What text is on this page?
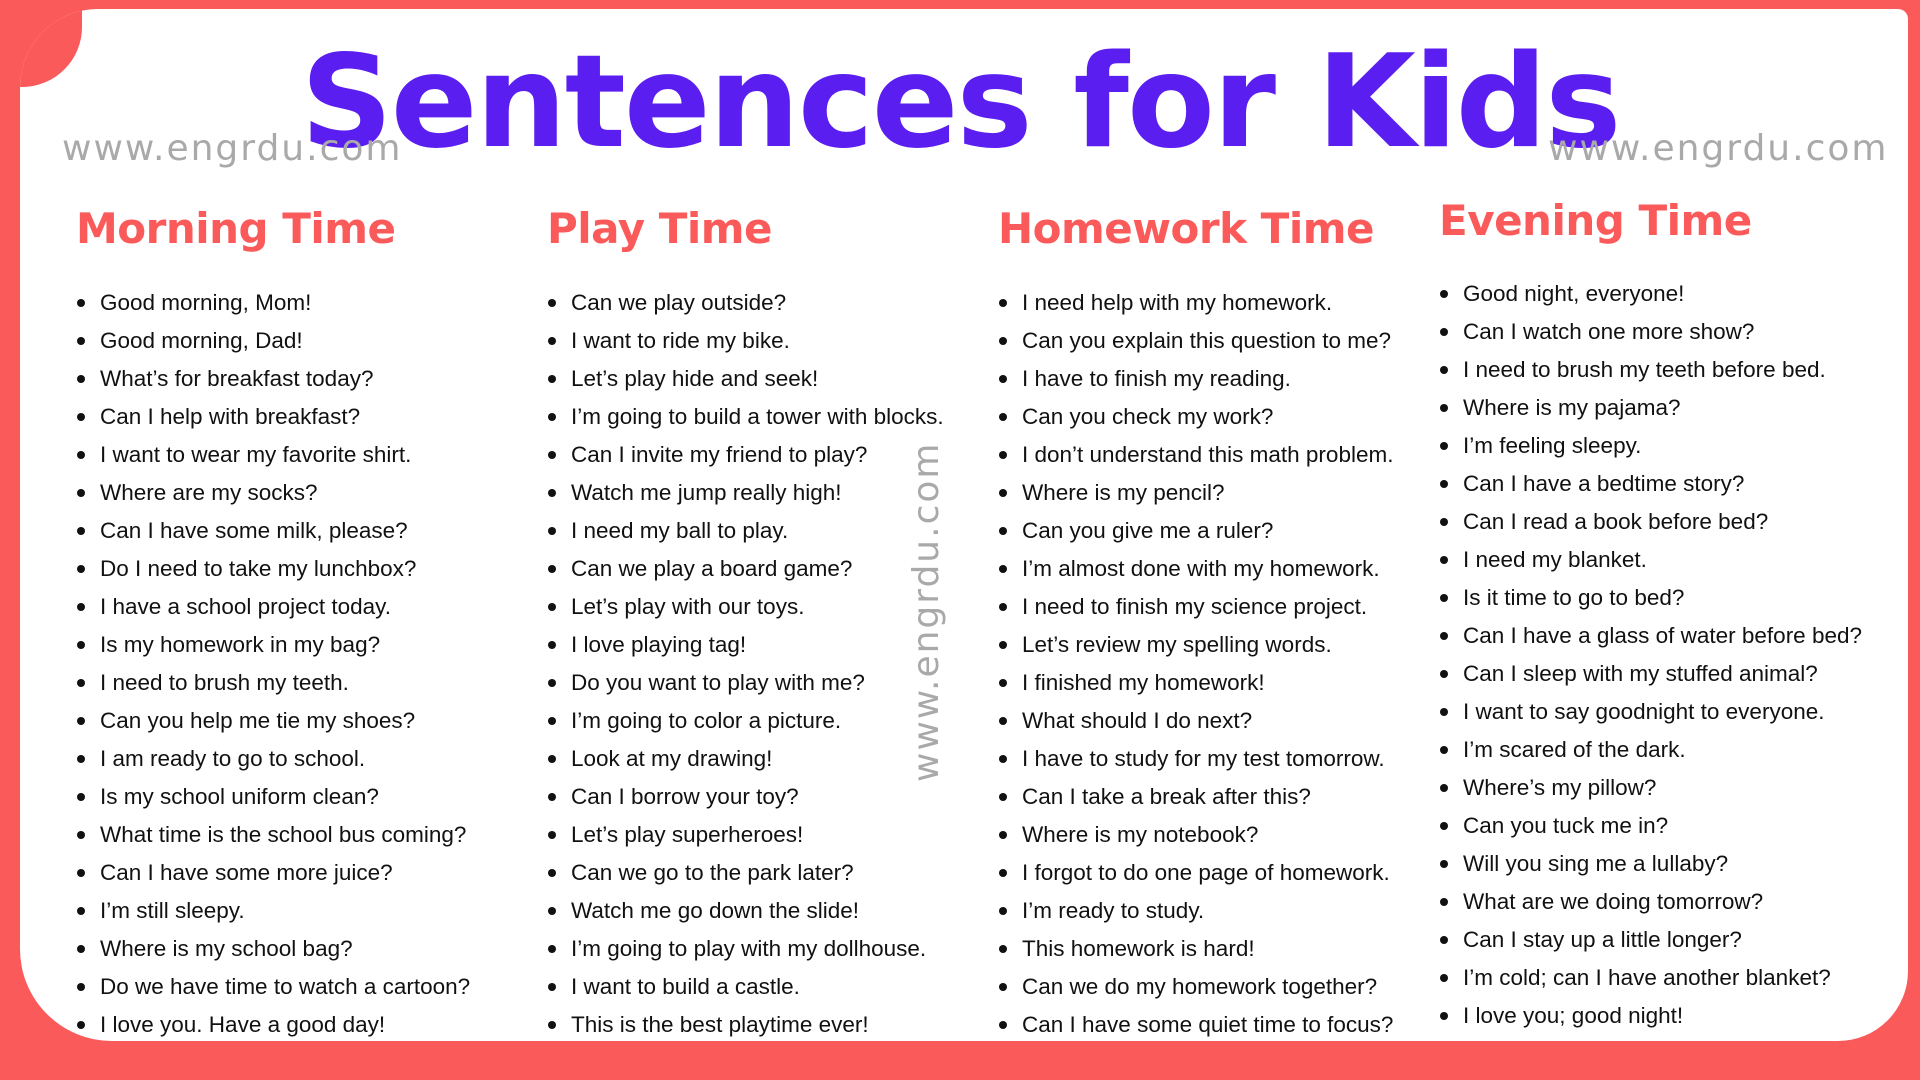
Sentences for Kids
www.engrdu.com	www.engrdu.com
www.engrdu.com
Morning Time
Good morning, Mom!
Good morning, Dad!
What’s for breakfast today?
Can I help with breakfast?
I want to wear my favorite shirt.
Where are my socks?
Can I have some milk, please?
Do I need to take my lunchbox?
I have a school project today.
Is my homework in my bag?
I need to brush my teeth.
Can you help me tie my shoes?
I am ready to go to school.
Is my school uniform clean?
What time is the school bus coming?
Can I have some more juice?
I’m still sleepy.
Where is my school bag?
Do we have time to watch a cartoon?
I love you. Have a good day!
Play Time
Can we play outside?
I want to ride my bike.
Let’s play hide and seek!
I’m going to build a tower with blocks.
Can I invite my friend to play?
Watch me jump really high!
I need my ball to play.
Can we play a board game?
Let’s play with our toys.
I love playing tag!
Do you want to play with me?
I’m going to color a picture.
Look at my drawing!
Can I borrow your toy?
Let’s play superheroes!
Can we go to the park later?
Watch me go down the slide!
I’m going to play with my dollhouse.
I want to build a castle.
This is the best playtime ever!
Homework Time
I need help with my homework.
Can you explain this question to me?
I have to finish my reading.
Can you check my work?
I don’t understand this math problem.
Where is my pencil?
Can you give me a ruler?
I’m almost done with my homework.
I need to finish my science project.
Let’s review my spelling words.
I finished my homework!
What should I do next?
I have to study for my test tomorrow.
Can I take a break after this?
Where is my notebook?
I forgot to do one page of homework.
I’m ready to study.
This homework is hard!
Can we do my homework together?
Can I have some quiet time to focus?
Evening Time
Good night, everyone!
Can I watch one more show?
I need to brush my teeth before bed.
Where is my pajama?
I’m feeling sleepy.
Can I have a bedtime story?
Can I read a book before bed?
I need my blanket.
Is it time to go to bed?
Can I have a glass of water before bed?
Can I sleep with my stuffed animal?
I want to say goodnight to everyone.
I’m scared of the dark.
Where’s my pillow?
Can you tuck me in?
Will you sing me a lullaby?
What are we doing tomorrow?
Can I stay up a little longer?
I’m cold; can I have another blanket?
I love you; good night!
